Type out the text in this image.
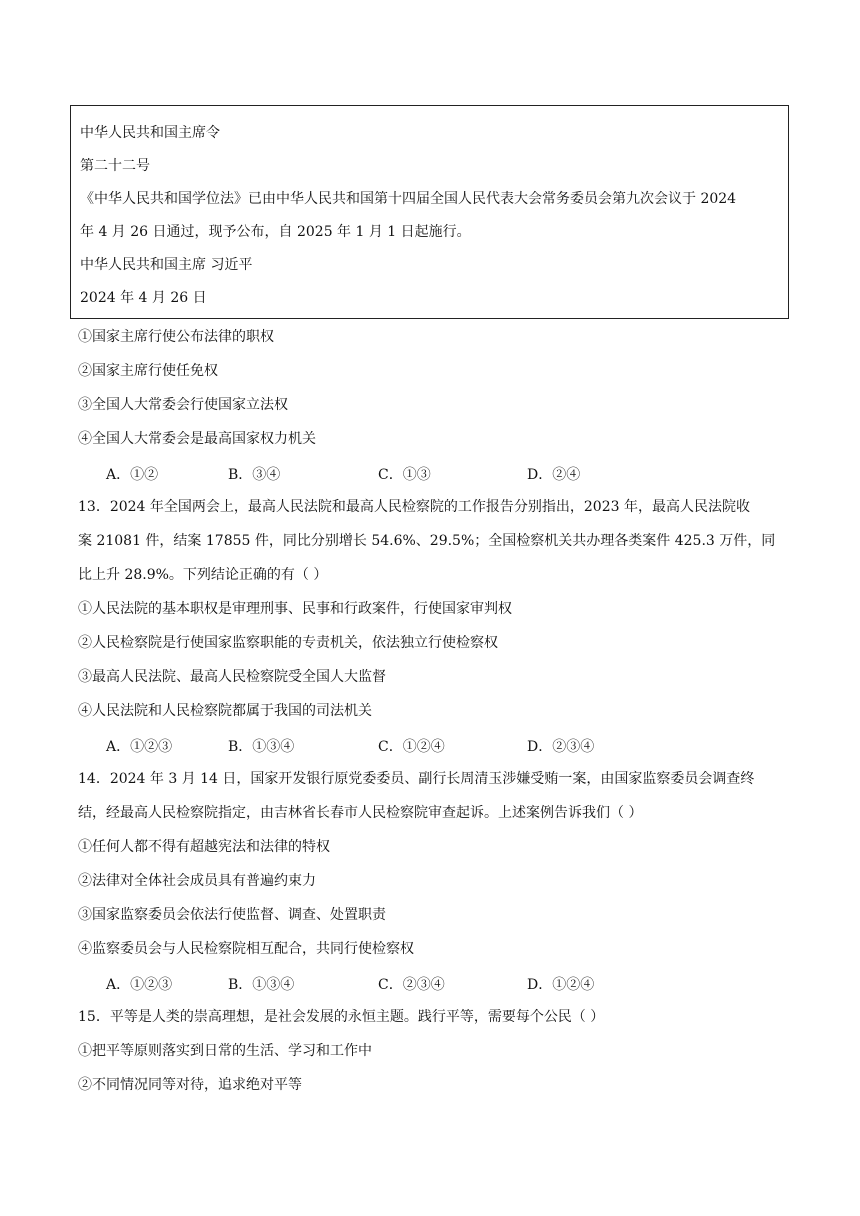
中华人民共和国主席令
第二十二号
《中华人民共和国学位法》已由中华人民共和国第十四届全国人民代表大会常务委员会第九次会议于 2024
年 4 月 26 日通过，现予公布，自 2025 年 1 月 1 日起施行。
中华人民共和国主席 习近平
2024 年 4 月 26 日
①国家主席行使公布法律的职权
②国家主席行使任免权
③全国人大常委会行使国家立法权
④全国人大常委会是最高国家权力机关
A．①②	B．③④	C．①③	D．②④
13．2024 年全国两会上，最高人民法院和最高人民检察院的工作报告分别指出，2023 年，最高人民法院收
案 21081 件，结案 17855 件，同比分别增长 54.6%、29.5%；全国检察机关共办理各类案件 425.3 万件，同
比上升 28.9%。下列结论正确的有（ ）
①人民法院的基本职权是审理刑事、民事和行政案件，行使国家审判权
②人民检察院是行使国家监察职能的专责机关，依法独立行使检察权
③最高人民法院、最高人民检察院受全国人大监督
④人民法院和人民检察院都属于我国的司法机关
A．①②③	B．①③④	C．①②④	D．②③④
14．2024 年 3 月 14 日，国家开发银行原党委委员、副行长周清玉涉嫌受贿一案，由国家监察委员会调查终
结，经最高人民检察院指定，由吉林省长春市人民检察院审查起诉。上述案例告诉我们（ ）
①任何人都不得有超越宪法和法律的特权
②法律对全体社会成员具有普遍约束力
③国家监察委员会依法行使监督、调查、处置职责
④监察委员会与人民检察院相互配合，共同行使检察权
A．①②③	B．①③④	C．②③④	D．①②④
15．平等是人类的崇高理想，是社会发展的永恒主题。践行平等，需要每个公民（ ）
①把平等原则落实到日常的生活、学习和工作中
②不同情况同等对待，追求绝对平等
